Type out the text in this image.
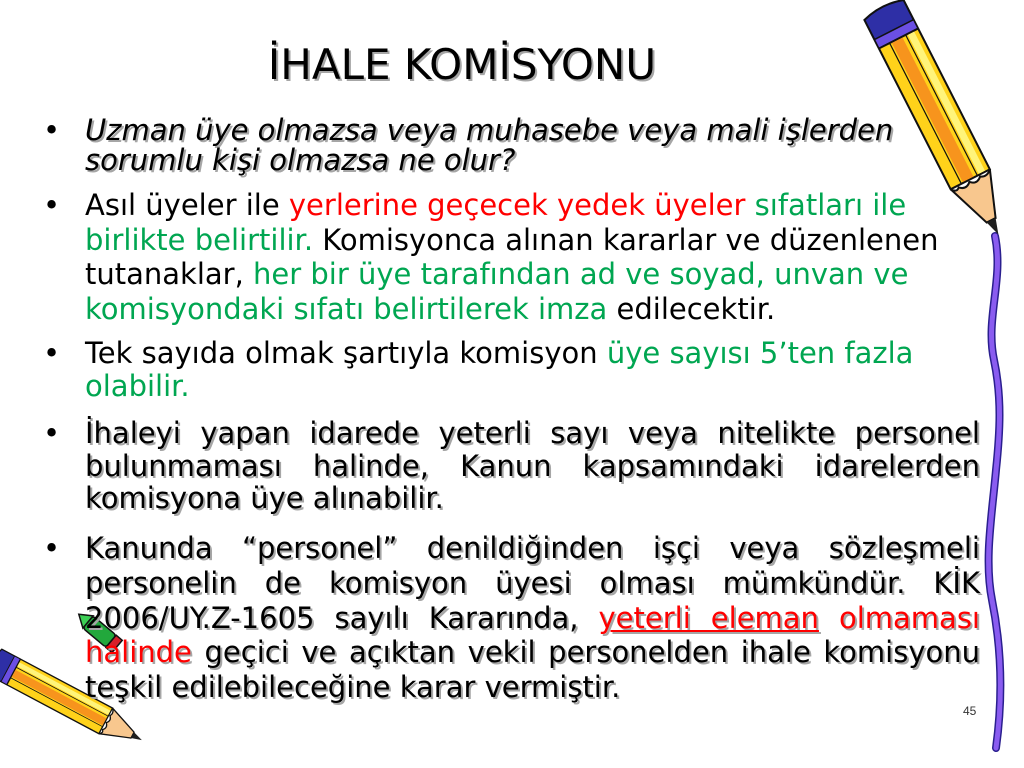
İHALE KOMİSYONU
• Uzman üye olmazsa veya muhasebe veya mali işlerden
sorumlu kişi olmazsa ne olur?
• Asıl üyeler ile yerlerine geçecek yedek üyeler sıfatları ile
birlikte belirtilir. Komisyonca alınan kararlar ve düzenlenen
tutanaklar, her bir üye tarafından ad ve soyad, unvan ve
komisyondaki sıfatı belirtilerek imza edilecektir.
• Tek sayıda olmak şartıyla komisyon üye sayısı 5’ten fazla
olabilir.
• İhaleyi yapan idarede yeterli sayı veya nitelikte personel
bulunmaması halinde, Kanun kapsamındaki idarelerden
komisyona üye alınabilir.
• Kanunda “personel” denildiğinden işçi veya sözleşmeli
personelin de komisyon üyesi olması mümkündür. KİK
2006/UY.Z-1605 sayılı Kararında, yeterli eleman olmaması
halinde geçici ve açıktan vekil personelden ihale komisyonu
teşkil edilebileceğine karar vermiştir.
45
